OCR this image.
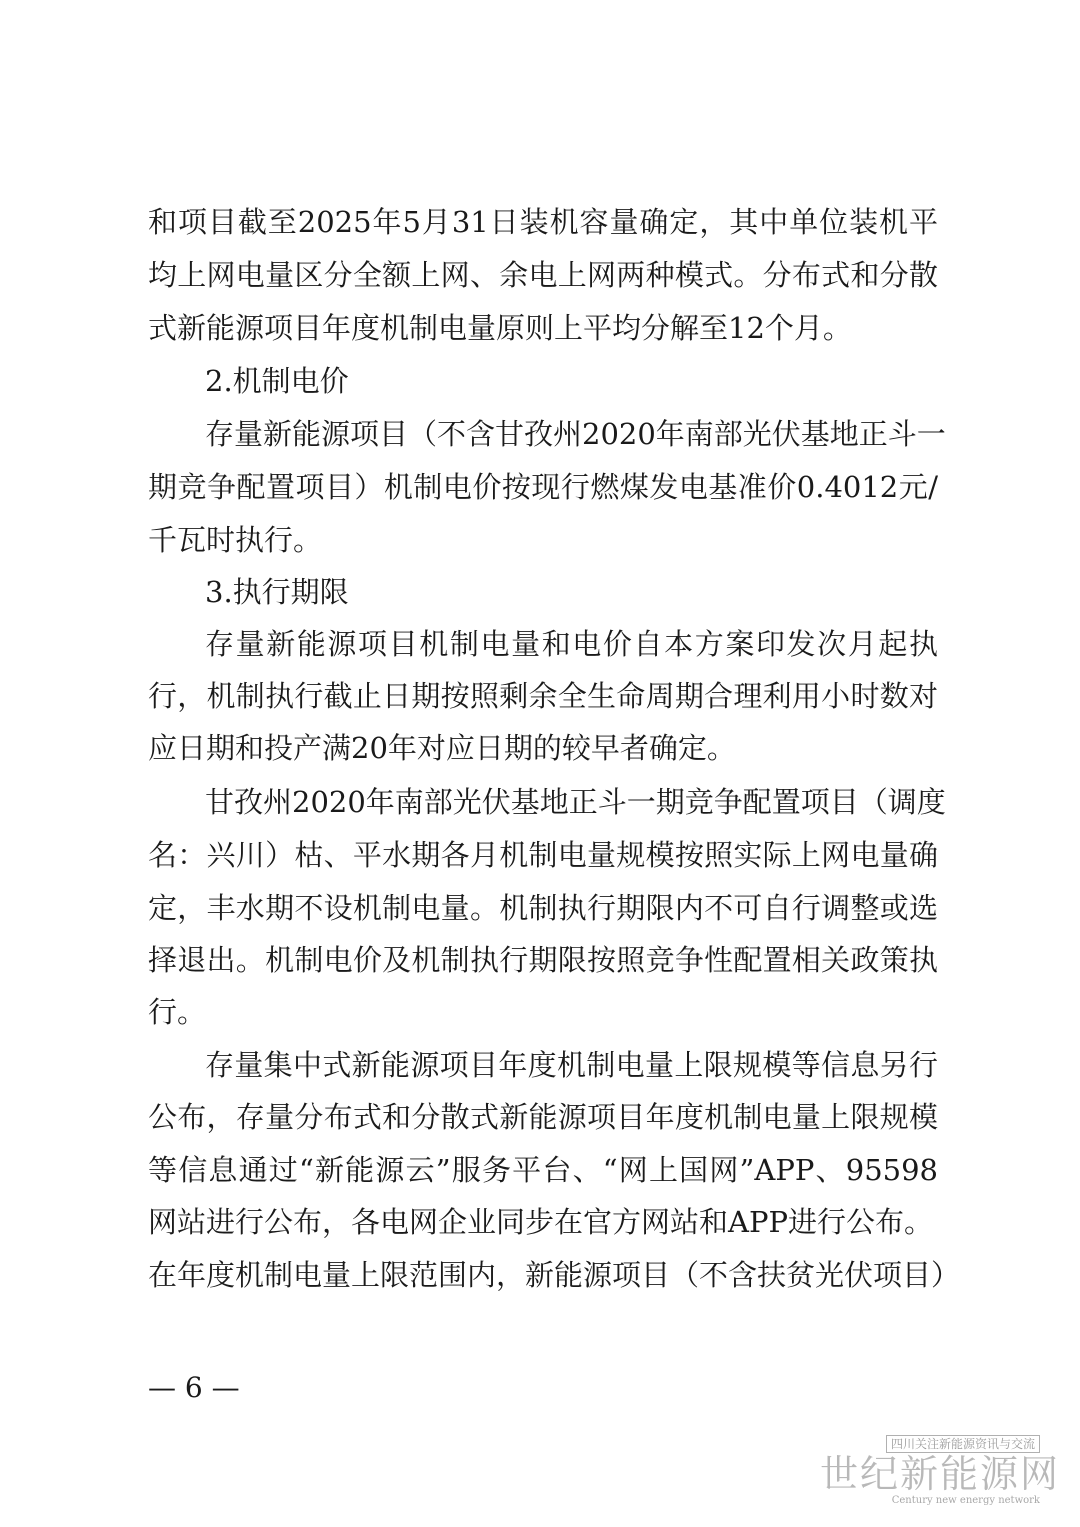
和项目截至2025年5月31日装机容量确定，其中单位装机平
均上网电量区分全额上网、余电上网两种模式。分布式和分散
式新能源项目年度机制电量原则上平均分解至12个月。
2.机制电价
存量新能源项目（不含甘孜州2020年南部光伏基地正斗一
期竞争配置项目）机制电价按现行燃煤发电基准价0.4012元/
千瓦时执行。
3.执行期限
存量新能源项目机制电量和电价自本方案印发次月起执
行，机制执行截止日期按照剩余全生命周期合理利用小时数对
应日期和投产满20年对应日期的较早者确定。
甘孜州2020年南部光伏基地正斗一期竞争配置项目（调度
名：兴川）枯、平水期各月机制电量规模按照实际上网电量确
定，丰水期不设机制电量。机制执行期限内不可自行调整或选
择退出。机制电价及机制执行期限按照竞争性配置相关政策执
行。
存量集中式新能源项目年度机制电量上限规模等信息另行
公布，存量分布式和分散式新能源项目年度机制电量上限规模
等信息通过“新能源云”服务平台、“网上国网”APP、95598
网站进行公布，各电网企业同步在官方网站和APP进行公布。
在年度机制电量上限范围内，新能源项目（不含扶贫光伏项目）
— 6 —
四川关注新能源资讯与交流
世纪新能源网
Century new energy network
